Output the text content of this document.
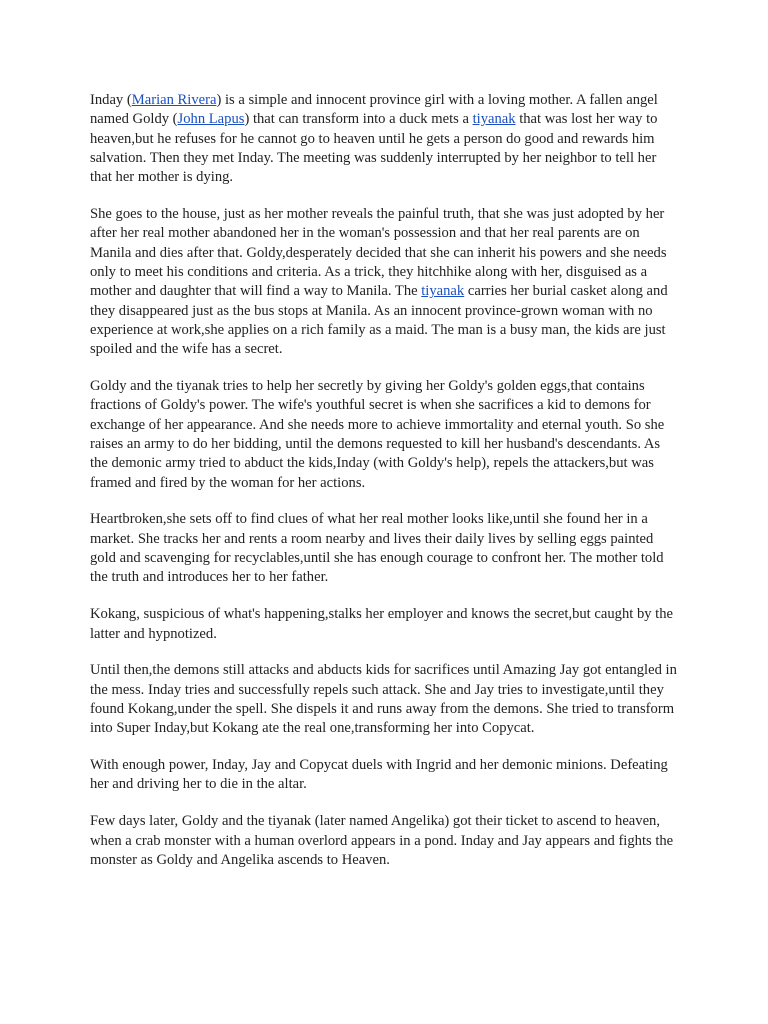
Inday (Marian Rivera) is a simple and innocent province girl with a loving mother. A fallen angel named Goldy (John Lapus) that can transform into a duck mets a tiyanak that was lost her way to heaven,but he refuses for he cannot go to heaven until he gets a person do good and rewards him salvation. Then they met Inday. The meeting was suddenly interrupted by her neighbor to tell her that her mother is dying.

She goes to the house, just as her mother reveals the painful truth, that she was just adopted by her after her real mother abandoned her in the woman's possession and that her real parents are on Manila and dies after that. Goldy,desperately decided that she can inherit his powers and she needs only to meet his conditions and criteria. As a trick, they hitchhike along with her, disguised as a mother and daughter that will find a way to Manila. The tiyanak carries her burial casket along and they disappeared just as the bus stops at Manila. As an innocent province-grown woman with no experience at work,she applies on a rich family as a maid. The man is a busy man, the kids are just spoiled and the wife has a secret.

Goldy and the tiyanak tries to help her secretly by giving her Goldy's golden eggs,that contains fractions of Goldy's power. The wife's youthful secret is when she sacrifices a kid to demons for exchange of her appearance. And she needs more to achieve immortality and eternal youth. So she raises an army to do her bidding, until the demons requested to kill her husband's descendants. As the demonic army tried to abduct the kids,Inday (with Goldy's help), repels the attackers,but was framed and fired by the woman for her actions.

Heartbroken,she sets off to find clues of what her real mother looks like,until she found her in a market. She tracks her and rents a room nearby and lives their daily lives by selling eggs painted gold and scavenging for recyclables,until she has enough courage to confront her. The mother told the truth and introduces her to her father.

Kokang, suspicious of what's happening,stalks her employer and knows the secret,but caught by the latter and hypnotized.

Until then,the demons still attacks and abducts kids for sacrifices until Amazing Jay got entangled in the mess. Inday tries and successfully repels such attack. She and Jay tries to investigate,until they found Kokang,under the spell. She dispels it and runs away from the demons. She tried to transform into Super Inday,but Kokang ate the real one,transforming her into Copycat.

With enough power, Inday, Jay and Copycat duels with Ingrid and her demonic minions. Defeating her and driving her to die in the altar.

Few days later, Goldy and the tiyanak (later named Angelika) got their ticket to ascend to heaven, when a crab monster with a human overlord appears in a pond. Inday and Jay appears and fights the monster as Goldy and Angelika ascends to Heaven.
